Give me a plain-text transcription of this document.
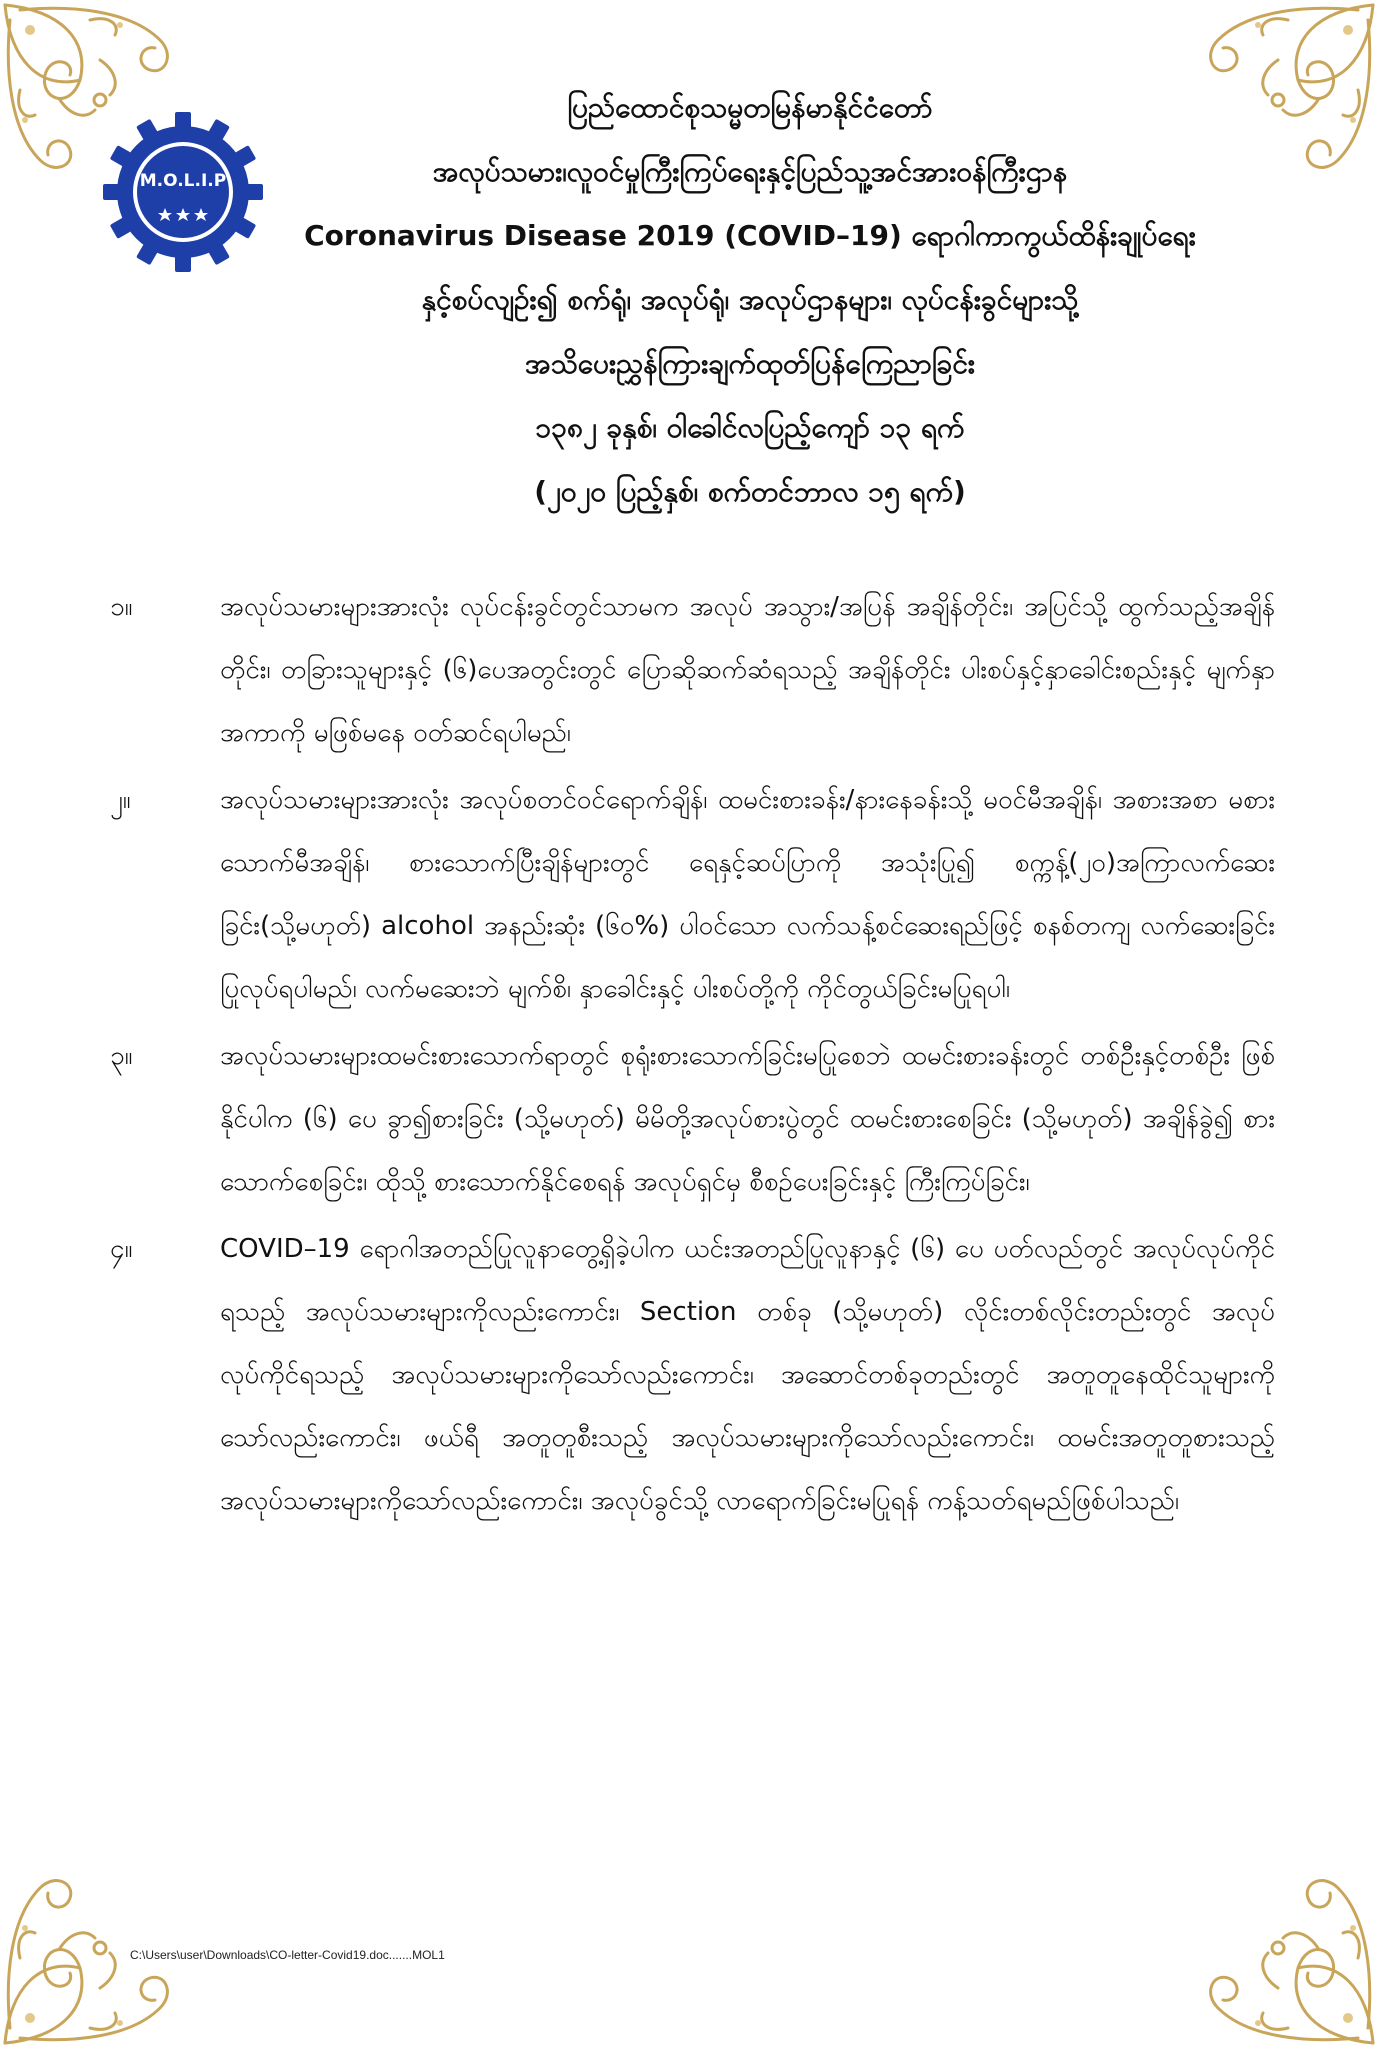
M.O.L.I.P
ပြည်ထောင်စုသမ္မတမြန်မာနိုင်ငံတော်
အလုပ်သမား၊လူဝင်မှုကြီးကြပ်ရေးနှင့်ပြည်သူ့အင်အားဝန်ကြီးဌာန
Coronavirus Disease 2019 (COVID–19) ရောဂါကာကွယ်ထိန်းချုပ်ရေး
နှင့်စပ်လျဉ်း၍ စက်ရုံ၊ အလုပ်ရုံ၊ အလုပ်ဌာနများ၊ လုပ်ငန်းခွင်များသို့
အသိပေးညွှန်ကြားချက်ထုတ်ပြန်ကြေညာခြင်း
၁၃၈၂ ခုနှစ်၊ ဝါခေါင်လပြည့်ကျော် ၁၃ ရက်
(၂၀၂၀ ပြည့်နှစ်၊ စက်တင်ဘာလ ၁၅ ရက်)
၁။	အလုပ်သမားများအားလုံး လုပ်ငန်းခွင်တွင်သာမက အလုပ် အသွား/အပြန် အချိန်တိုင်း၊ အပြင်သို့ ထွက်သည့်အချိန်တိုင်း၊ တခြားသူများနှင့် (၆)ပေအတွင်းတွင် ပြောဆိုဆက်ဆံရသည့် အချိန်တိုင်း ပါးစပ်နှင့်နှာခေါင်းစည်းနှင့် မျက်နှာအကာကို မဖြစ်မနေ ဝတ်ဆင်ရပါမည်၊
၂။	အလုပ်သမားများအားလုံး အလုပ်စတင်ဝင်ရောက်ချိန်၊ ထမင်းစားခန်း/နားနေခန်းသို့ မဝင်မီအချိန်၊ အစားအစာ မစားသောက်မီအချိန်၊ စားသောက်ပြီးချိန်များတွင် ရေနှင့်ဆပ်ပြာကို အသုံးပြု၍ စက္ကန့်(၂၀)အကြာလက်ဆေးခြင်း(သို့မဟုတ်) alcohol အနည်းဆုံး (၆၀%) ပါဝင်သော လက်သန့်စင်ဆေးရည်ဖြင့် စနစ်တကျ လက်ဆေးခြင်း ပြုလုပ်ရပါမည်၊ လက်မဆေးဘဲ မျက်စိ၊ နှာခေါင်းနှင့် ပါးစပ်တို့ကို ကိုင်တွယ်ခြင်းမပြုရပါ၊
၃။	အလုပ်သမားများထမင်းစားသောက်ရာတွင် စုရုံးစားသောက်ခြင်းမပြုစေဘဲ ထမင်းစားခန်းတွင် တစ်ဦးနှင့်တစ်ဦး ဖြစ်နိုင်ပါက (၆) ပေ ခွာ၍စားခြင်း (သို့မဟုတ်) မိမိတို့အလုပ်စားပွဲတွင် ထမင်းစားစေခြင်း (သို့မဟုတ်) အချိန်ခွဲ၍ စားသောက်စေခြင်း၊ ထိုသို့ စားသောက်နိုင်စေရန် အလုပ်ရှင်မှ စီစဉ်ပေးခြင်းနှင့် ကြီးကြပ်ခြင်း၊
၄။	COVID–19 ရောဂါအတည်ပြုလူနာတွေ့ရှိခဲ့ပါက ယင်းအတည်ပြုလူနာနှင့် (၆) ပေ ပတ်လည်တွင် အလုပ်လုပ်ကိုင်ရသည့် အလုပ်သမားများကိုလည်းကောင်း၊ Section တစ်ခု (သို့မဟုတ်) လိုင်းတစ်လိုင်းတည်းတွင် အလုပ်လုပ်ကိုင်ရသည့် အလုပ်သမားများကိုသော်လည်းကောင်း၊ အဆောင်တစ်ခုတည်းတွင် အတူတူနေထိုင်သူများကိုသော်လည်းကောင်း၊ ဖယ်ရီ အတူတူစီးသည့် အလုပ်သမားများကိုသော်လည်းကောင်း၊ ထမင်းအတူတူစားသည့် အလုပ်သမားများကိုသော်လည်းကောင်း၊ အလုပ်ခွင်သို့ လာရောက်ခြင်းမပြုရန် ကန့်သတ်ရမည်ဖြစ်ပါသည်၊
C:\Users\user\Downloads\CO-letter-Covid19.doc.......MOL1
